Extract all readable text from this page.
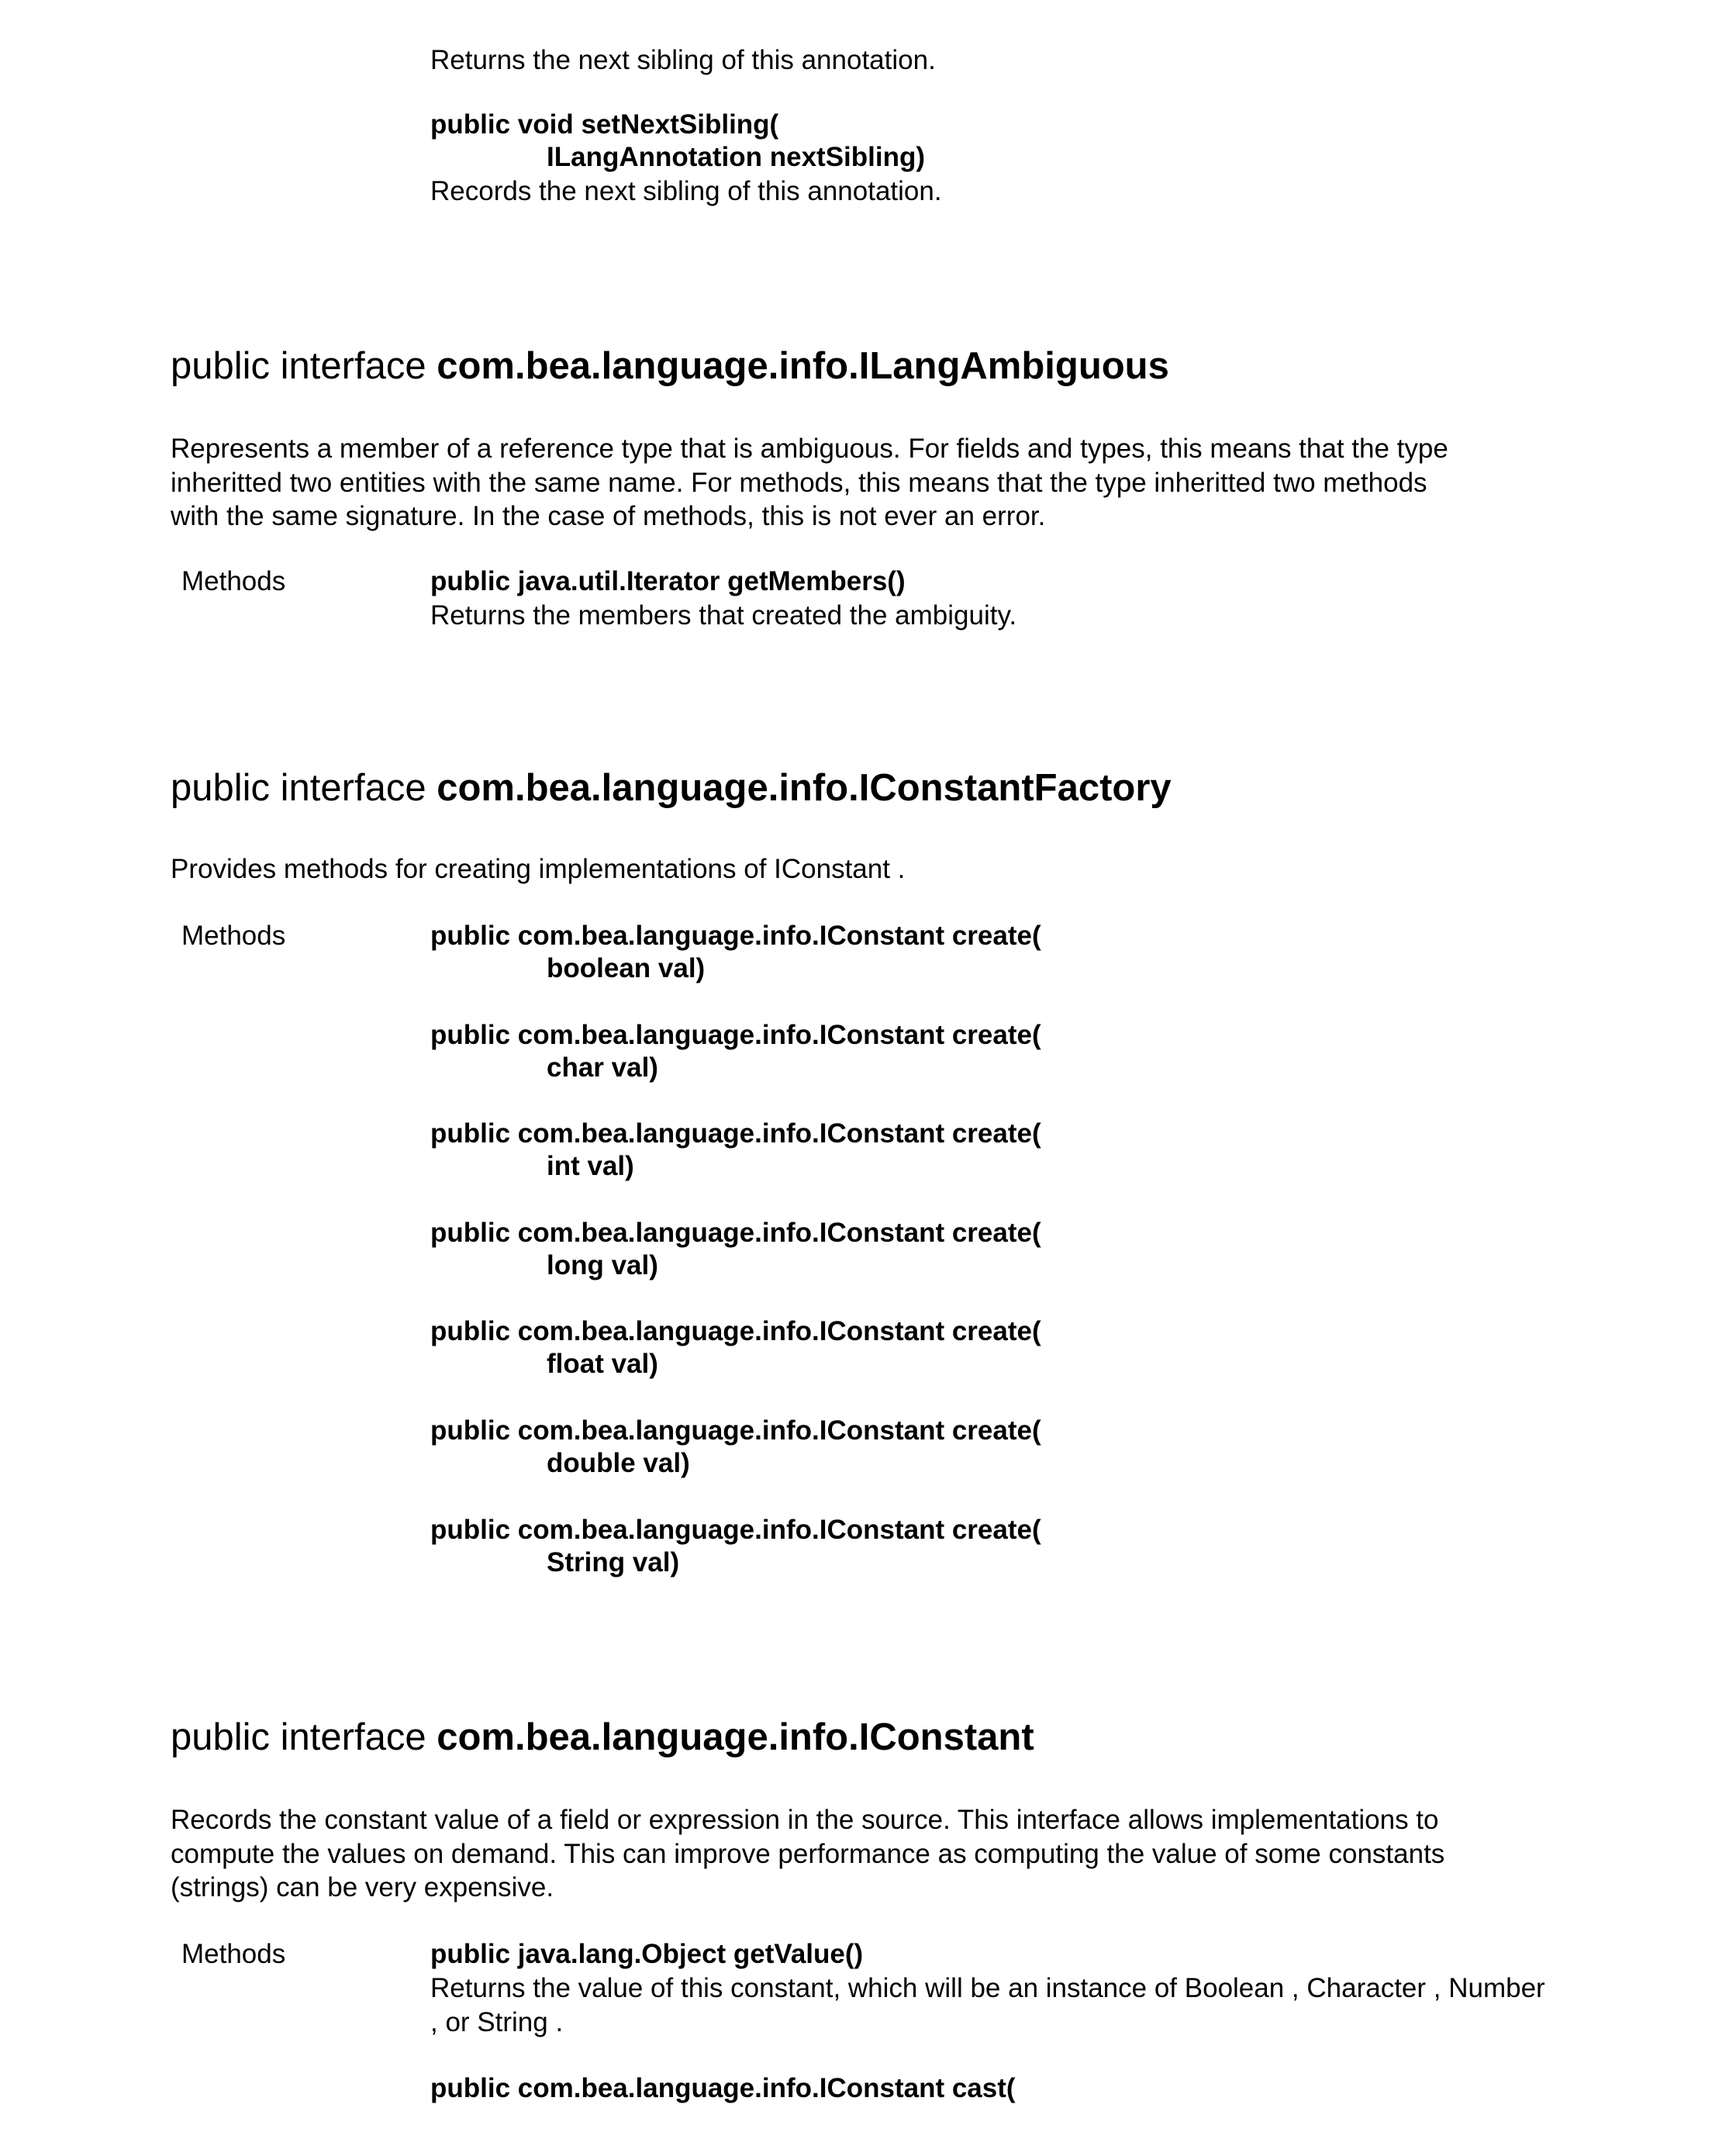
Returns the next sibling of this annotation.
public void setNextSibling(
ILangAnnotation nextSibling)
Records the next sibling of this annotation.
public interface com.bea.language.info.ILangAmbiguous
Represents a member of a reference type that is ambiguous. For fields and types, this means that the type
inheritted two entities with the same name. For methods, this means that the type inheritted two methods
with the same signature. In the case of methods, this is not ever an error.
Methods	public java.util.Iterator getMembers()
Returns the members that created the ambiguity.
public interface com.bea.language.info.IConstantFactory
Provides methods for creating implementations of IConstant .
Methods	public com.bea.language.info.IConstant create(
boolean val)
public com.bea.language.info.IConstant create(
char val)
public com.bea.language.info.IConstant create(
int val)
public com.bea.language.info.IConstant create(
long val)
public com.bea.language.info.IConstant create(
float val)
public com.bea.language.info.IConstant create(
double val)
public com.bea.language.info.IConstant create(
String val)
public interface com.bea.language.info.IConstant
Records the constant value of a field or expression in the source. This interface allows implementations to
compute the values on demand. This can improve performance as computing the value of some constants
(strings) can be very expensive.
Methods	public java.lang.Object getValue()
Returns the value of this constant, which will be an instance of Boolean , Character , Number
, or String .
public com.bea.language.info.IConstant cast(
